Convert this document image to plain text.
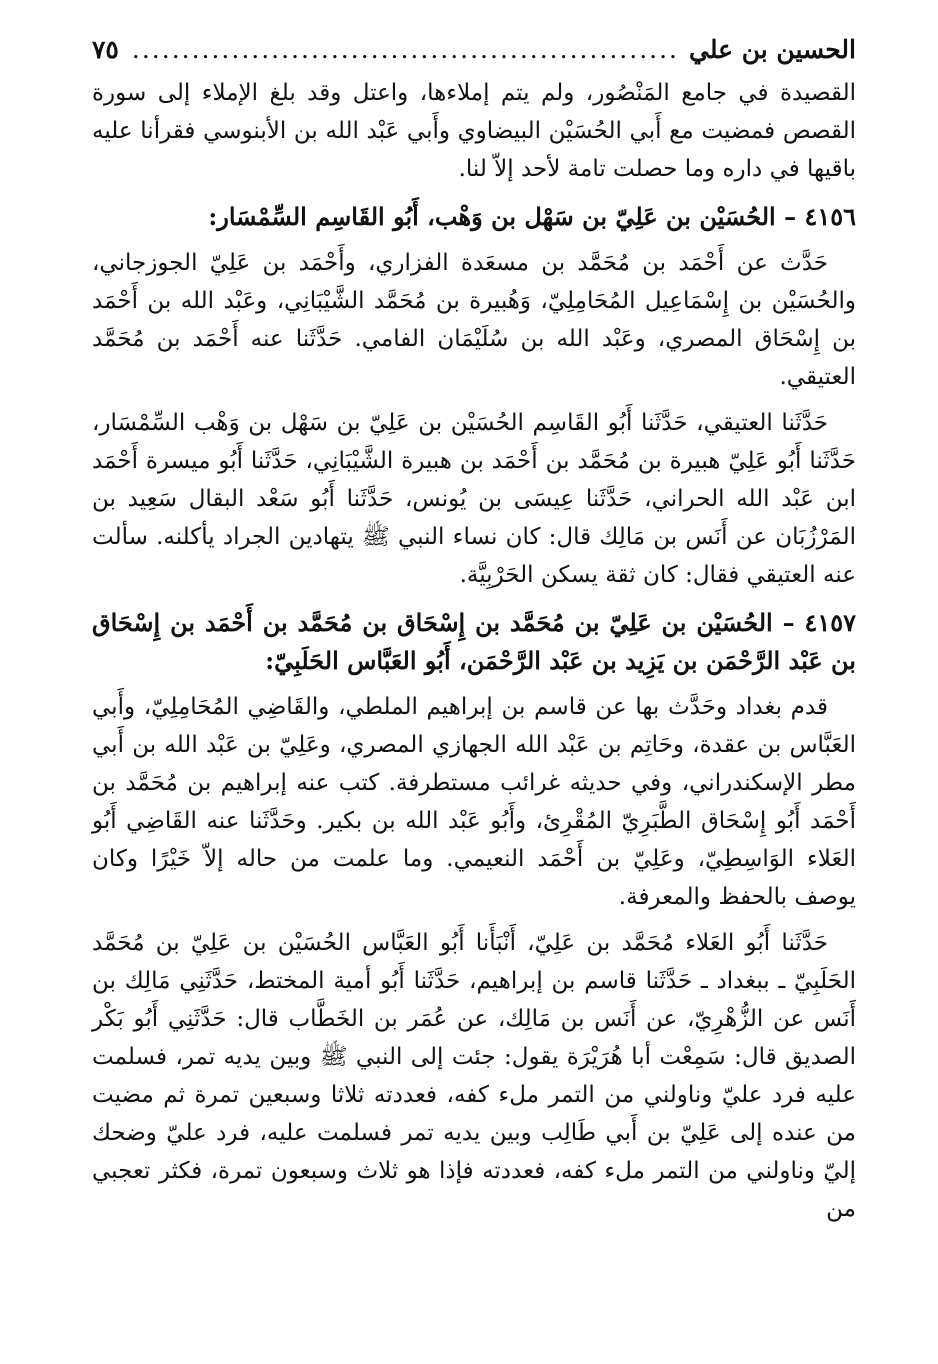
الحسين بن علي
.....
٧٥

القصيدة في جامع المَنْصُور، ولم يتم إملاءها، واعتل وقد بلغ الإملاء إلى سورة القصص فمضيت مع أَبي الحُسَيْن البيضاوي وأَبي عَبْد الله بن الأبنوسي فقرأنا عليه باقيها في داره وما حصلت تامة لأحد إلاّ لنا.

٤١٥٦ – الحُسَيْن بن عَلِيّ بن سَهْل بن وَهْب، أَبُو القَاسِم السِّمْسَار:

حَدَّث عن أَحْمَد بن مُحَمَّد بن مسعَدة الفزاري، وأَحْمَد بن عَلِيّ الجوزجاني، والحُسَيْن بن إِسْمَاعِيل المُحَامِلِيّ، وَهُبيرة بن مُحَمَّد الشَّيْبَانِي، وعَبْد الله بن أَحْمَد بن إِسْحَاق المصري، وعَبْد الله بن سُلَيْمَان الفامي. حَدَّثَنا عنه أَحْمَد بن مُحَمَّد العتيقي.

حَدَّثَنا العتيقي، حَدَّثَنا أَبُو القَاسِم الحُسَيْن بن عَلِيّ بن سَهْل بن وَهْب السِّمْسَار، حَدَّثَنا أَبُو عَلِيّ هبيرة بن مُحَمَّد بن أَحْمَد بن هبيرة الشَّيْبَانِي، حَدَّثَنا أَبُو ميسرة أَحْمَد ابن عَبْد الله الحراني، حَدَّثَنا عِيسَى بن يُونس، حَدَّثَنا أَبُو سَعْد البقال سَعِيد بن المَرْزُبَان عن أَنَس بن مَالِك قال: كان نساء النبي ﷺ يتهادين الجراد يأكلنه. سألت عنه العتيقي فقال: كان ثقة يسكن الحَرْبِيَّة.

٤١٥٧ – الحُسَيْن بن عَلِيّ بن مُحَمَّد بن إِسْحَاق بن مُحَمَّد بن أَحْمَد بن إِسْحَاق بن عَبْد الرَّحْمَن بن يَزِيد بن عَبْد الرَّحْمَن، أَبُو العَبَّاس الحَلَبِيّ:

قدم بغداد وحَدَّث بها عن قاسم بن إبراهيم الملطي، والقَاضِي المُحَامِلِيّ، وأَبي العَبَّاس بن عقدة، وحَاتِم بن عَبْد الله الجهازي المصري، وعَلِيّ بن عَبْد الله بن أَبي مطر الإسكندراني، وفي حديثه غرائب مستطرفة. كتب عنه إبراهيم بن مُحَمَّد بن أَحْمَد أَبُو إِسْحَاق الطَّبَرِيّ المُقْرِئ، وأَبُو عَبْد الله بن بكير. وحَدَّثَنا عنه القَاضِي أَبُو العَلاء الوَاسِطِيّ، وعَلِيّ بن أَحْمَد النعيمي. وما علمت من حاله إلاّ خَيْرًا وكان يوصف بالحفظ والمعرفة.

حَدَّثَنا أَبُو العَلاء مُحَمَّد بن عَلِيّ، أَنْبَأَنا أَبُو العَبَّاس الحُسَيْن بن عَلِيّ بن مُحَمَّد الحَلَبِيّ ـ ببغداد ـ حَدَّثَنا قاسم بن إبراهيم، حَدَّثَنا أَبُو أمية المختط، حَدَّثَنِي مَالِك بن أَنَس عن الزُّهْرِيّ، عن أَنَس بن مَالِك، عن عُمَر بن الخَطَّاب قال: حَدَّثَنِي أَبُو بَكْر الصديق قال: سَمِعْت أبا هُرَيْرَة يقول: جئت إلى النبي ﷺ وبين يديه تمر، فسلمت عليه فرد عليّ وناولني من التمر ملء كفه، فعددته ثلاثا وسبعين تمرة ثم مضيت من عنده إلى عَلِيّ بن أَبي طَالِب وبين يديه تمر فسلمت عليه، فرد عليّ وضحك إليّ وناولني من التمر ملء كفه، فعددته فإذا هو ثلاث وسبعون تمرة، فكثر تعجبي من
